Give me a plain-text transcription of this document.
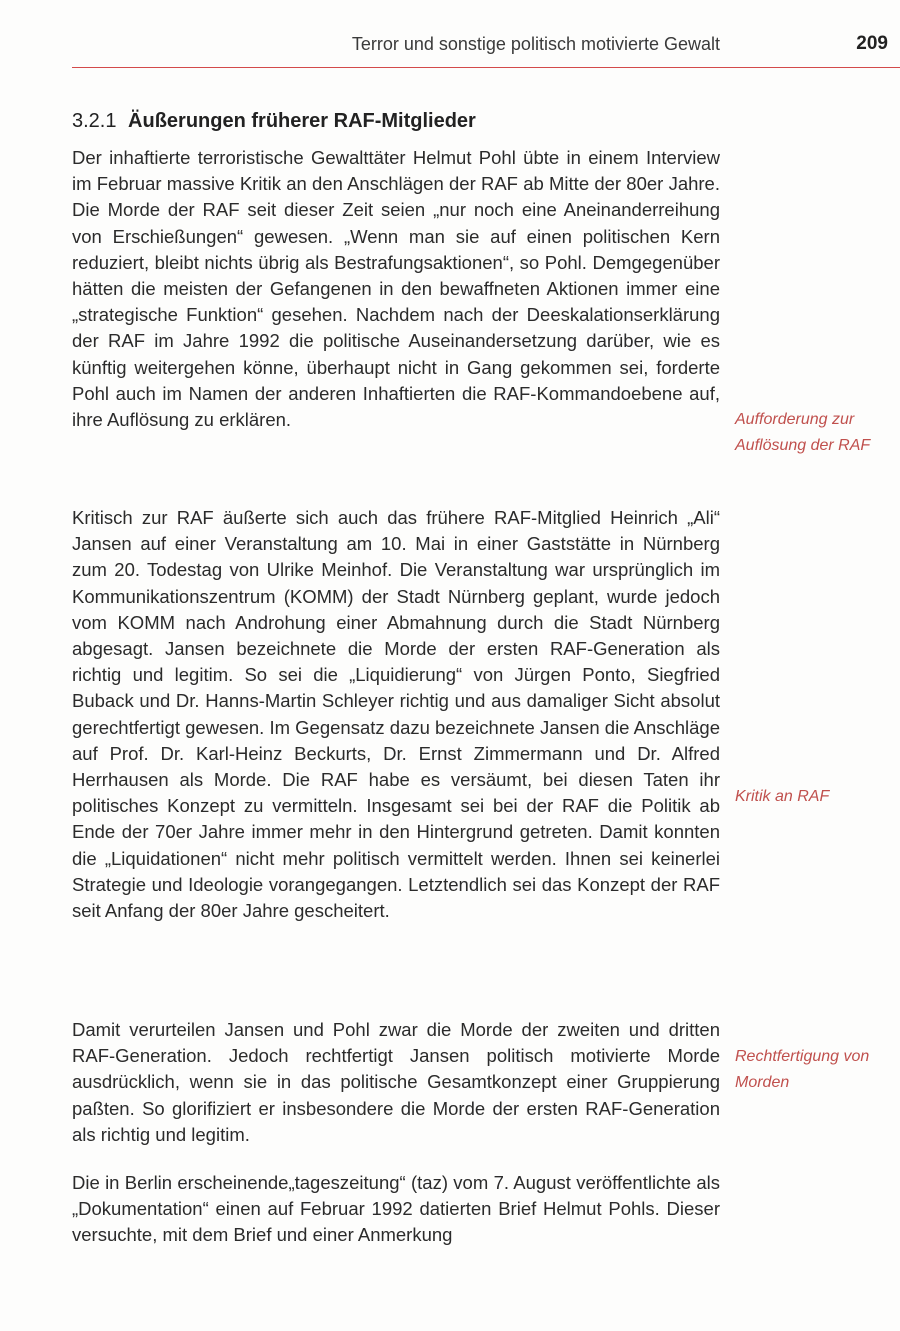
Terror und sonstige politisch motivierte Gewalt	209
3.2.1 Äußerungen früherer RAF-Mitglieder

Der inhaftierte terroristische Gewalttäter Helmut Pohl übte in einem Interview im Februar massive Kritik an den Anschlägen der RAF ab Mitte der 80er Jahre. Die Morde der RAF seit dieser Zeit seien „nur noch eine Aneinanderreihung von Erschießungen“ gewesen. „Wenn man sie auf einen politischen Kern reduziert, bleibt nichts übrig als Bestrafungsaktionen“, so Pohl. Demgegenüber hätten die meisten der Gefangenen in den bewaffneten Aktionen immer eine „strategische Funktion“ gesehen. Nachdem nach der Deeskalationserklärung der RAF im Jahre 1992 die politische Auseinandersetzung darüber, wie es künftig weitergehen könne, überhaupt nicht in Gang gekommen sei, forderte Pohl auch im Namen der anderen Inhaftierten die RAF-Kommandoebene auf, ihre Auflösung zu erklären.

Kritisch zur RAF äußerte sich auch das frühere RAF-Mitglied Heinrich „Ali“ Jansen auf einer Veranstaltung am 10. Mai in einer Gaststätte in Nürnberg zum 20. Todestag von Ulrike Meinhof. Die Veranstaltung war ursprünglich im Kommunikationszentrum (KOMM) der Stadt Nürnberg geplant, wurde jedoch vom KOMM nach Androhung einer Abmahnung durch die Stadt Nürnberg abgesagt. Jansen bezeichnete die Morde der ersten RAF-Generation als richtig und legitim. So sei die „Liquidierung“ von Jürgen Ponto, Siegfried Buback und Dr. Hanns-Martin Schleyer richtig und aus damaliger Sicht absolut gerechtfertigt gewesen. Im Gegensatz dazu bezeichnete Jansen die Anschläge auf Prof. Dr. Karl-Heinz Beckurts, Dr. Ernst Zimmermann und Dr. Alfred Herrhausen als Morde. Die RAF habe es versäumt, bei diesen Taten ihr politisches Konzept zu vermitteln. Insgesamt sei bei der RAF die Politik ab Ende der 70er Jahre immer mehr in den Hintergrund getreten. Damit konnten die „Liquidationen“ nicht mehr politisch vermittelt werden. Ihnen sei keinerlei Strategie und Ideologie vorangegangen. Letztendlich sei das Konzept der RAF seit Anfang der 80er Jahre gescheitert.

Damit verurteilen Jansen und Pohl zwar die Morde der zweiten und dritten RAF-Generation. Jedoch rechtfertigt Jansen politisch motivierte Morde ausdrücklich, wenn sie in das politische Gesamtkonzept einer Gruppierung paßten. So glorifiziert er insbesondere die Morde der ersten RAF-Generation als richtig und legitim.

Die in Berlin erscheinende„tageszeitung“ (taz) vom 7. August veröffentlichte als „Dokumentation“ einen auf Februar 1992 datierten Brief Helmut Pohls. Dieser versuchte, mit dem Brief und einer Anmerkung

Aufforderung zur Auflösung der RAF
Kritik an RAF
Rechtfertigung von Morden
